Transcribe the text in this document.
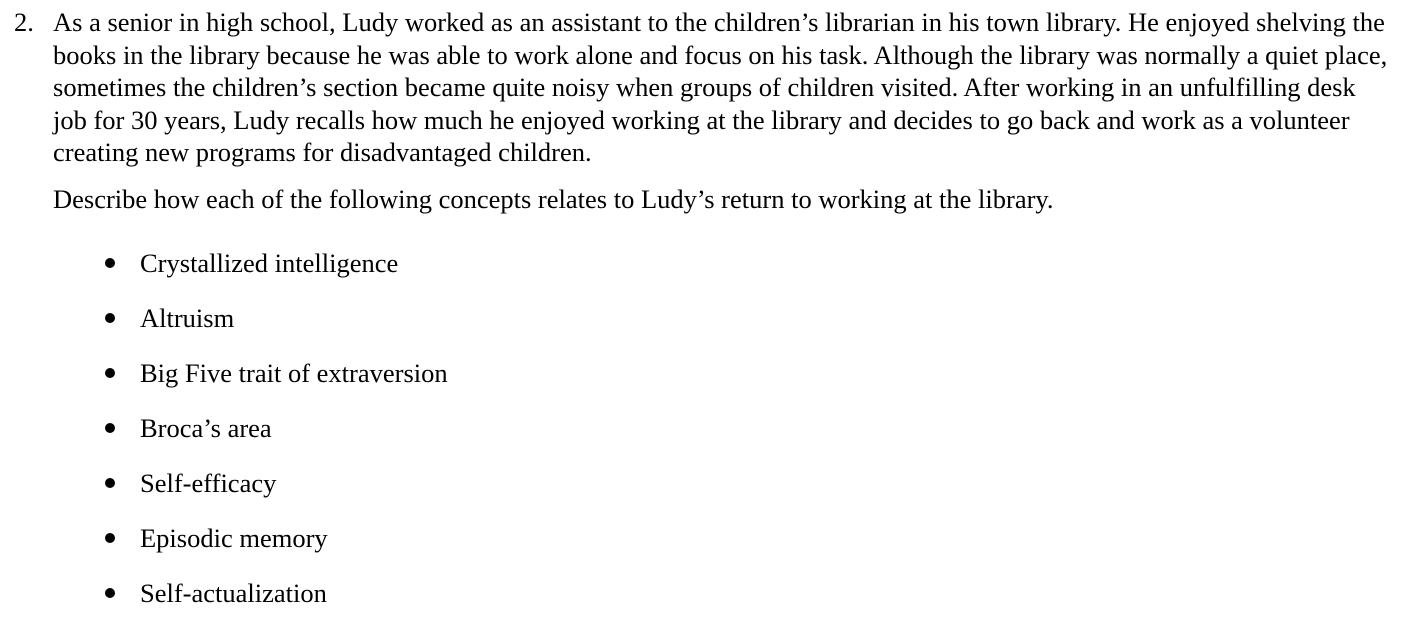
2. As a senior in high school, Ludy worked as an assistant to the children’s librarian in his town library. He enjoyed shelving the books in the library because he was able to work alone and focus on his task. Although the library was normally a quiet place, sometimes the children’s section became quite noisy when groups of children visited. After working in an unfulfilling desk job for 30 years, Ludy recalls how much he enjoyed working at the library and decides to go back and work as a volunteer creating new programs for disadvantaged children.

Describe how each of the following concepts relates to Ludy’s return to working at the library.

Crystallized intelligence
Altruism
Big Five trait of extraversion
Broca’s area
Self-efficacy
Episodic memory
Self-actualization
